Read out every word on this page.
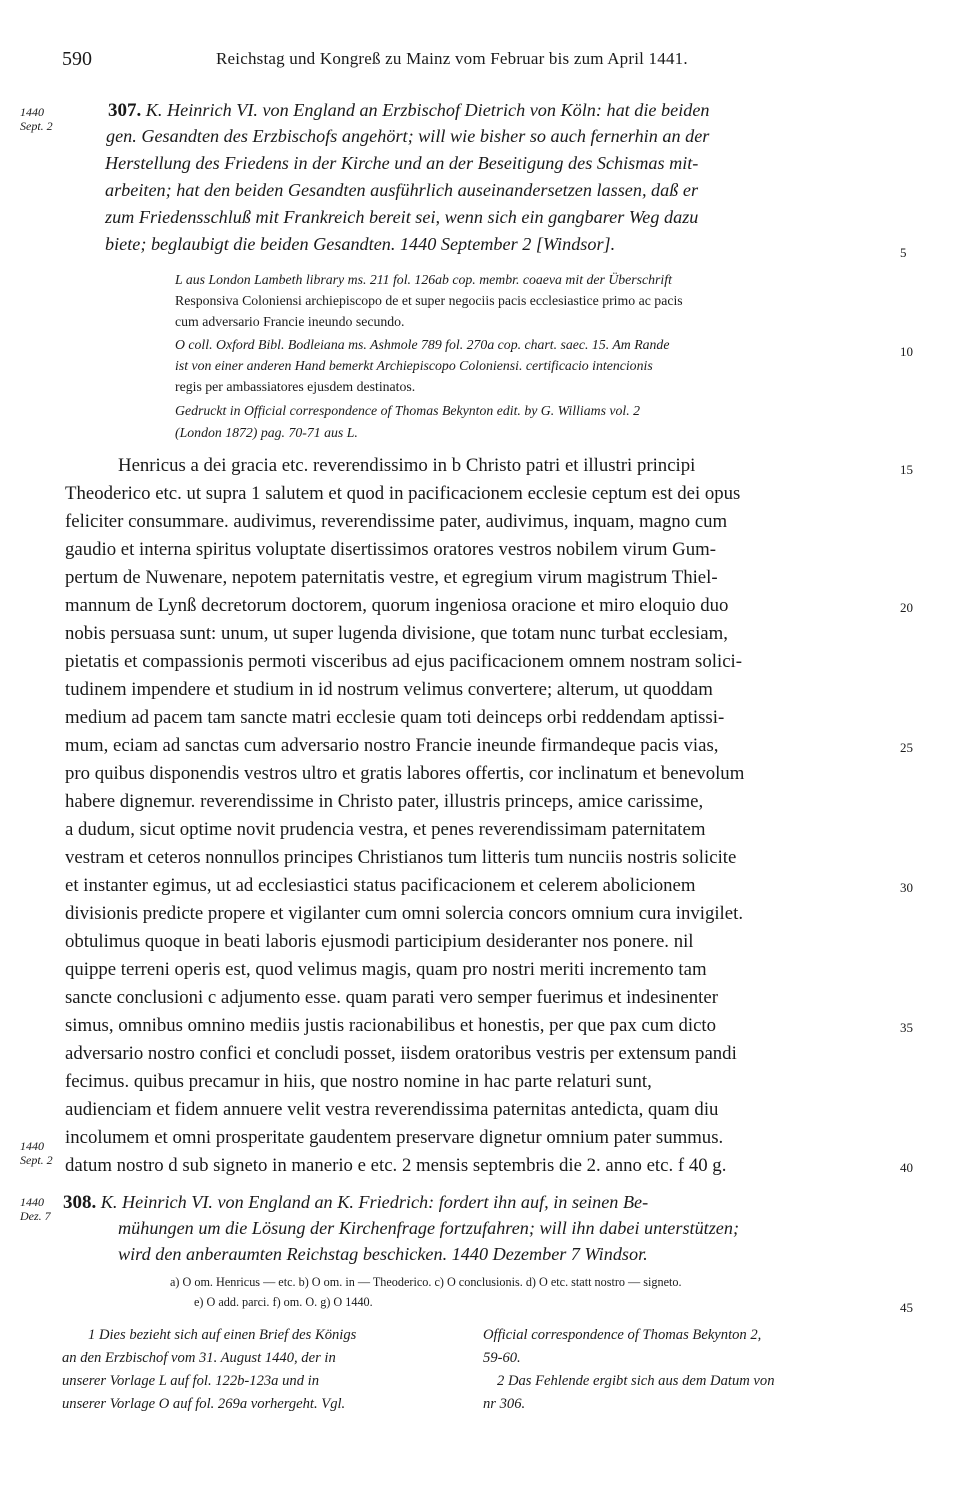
590	Reichstag und Kongreß zu Mainz vom Februar bis zum April 1441.
1440
Sept. 2
307. K. Heinrich VI. von England an Erzbischof Dietrich von Köln: hat die beiden
gen. Gesandten des Erzbischofs angehört; will wie bisher so auch fernerhin an der
Herstellung des Friedens in der Kirche und an der Beseitigung des Schismas mit-
arbeiten; hat den beiden Gesandten ausführlich auseinandersetzen lassen, daß er
zum Friedensschluß mit Frankreich bereit sei, wenn sich ein gangbarer Weg dazu
biete; beglaubigt die beiden Gesandten. 1440 September 2 [Windsor].
L aus London Lambeth library ms. 211 fol. 126ab cop. membr. coaeva mit der Überschrift
Responsiva Coloniensi archiepiscopo de et super negociis pacis ecclesiastice primo ac pacis
cum adversario Francie ineundo secundo.
O coll. Oxford Bibl. Bodleiana ms. Ashmole 789 fol. 270a cop. chart. saec. 15. Am Rande
ist von einer anderen Hand bemerkt Archiepiscopo Coloniensi. certificacio intencionis
regis per ambassiatores ejusdem destinatos.
Gedruckt in Official correspondence of Thomas Bekynton edit. by G. Williams vol. 2
(London 1872) pag. 70-71 aus L.
Henricus a dei gracia etc. reverendissimo in b Christo patri et illustri principi
Theoderico etc. ut supra 1 salutem et quod in pacificacionem ecclesie ceptum est dei opus
feliciter consummare. audivimus, reverendissime pater, audivimus, inquam, magno cum
gaudio et interna spiritus voluptate disertissimos oratores vestros nobilem virum Gum-
pertum de Nuwenare, nepotem paternitatis vestre, et egregium virum magistrum Thiel-
mannum de Lynß decretorum doctorem, quorum ingeniosa oracione et miro eloquio duo
nobis persuasa sunt: unum, ut super lugenda divisione, que totam nunc turbat ecclesiam,
pietatis et compassionis permoti visceribus ad ejus pacificacionem omnem nostram solici-
tudinem impendere et studium in id nostrum velimus convertere; alterum, ut quoddam
medium ad pacem tam sancte matri ecclesie quam toti deinceps orbi reddendam aptissi-
mum, eciam ad sanctas cum adversario nostro Francie ineunde firmandeque pacis vias,
pro quibus disponendis vestros ultro et gratis labores offertis, cor inclinatum et benevolum
habere dignemur. reverendissime in Christo pater, illustris princeps, amice carissime,
a dudum, sicut optime novit prudencia vestra, et penes reverendissimam paternitatem
vestram et ceteros nonnullos principes Christianos tum litteris tum nunciis nostris solicite
et instanter egimus, ut ad ecclesiastici status pacificacionem et celerem abolicionem
divisionis predicte propere et vigilanter cum omni solercia concors omnium cura invigilet.
obtulimus quoque in beati laboris ejusmodi participium desideranter nos ponere. nil
quippe terreni operis est, quod velimus magis, quam pro nostri meriti incremento tam
sancte conclusioni c adjumento esse. quam parati vero semper fuerimus et indesinenter
simus, omnibus omnino mediis justis racionabilibus et honestis, per que pax cum dicto
adversario nostro confici et concludi posset, iisdem oratoribus vestris per extensum pandi
fecimus. quibus precamur in hiis, que nostro nomine in hac parte relaturi sunt,
audienciam et fidem annuere velit vestra reverendissima paternitas antedicta, quam diu
incolumem et omni prosperitate gaudentem preservare dignetur omnium pater summus.
datum nostro d sub signeto in manerio e etc. 2 mensis septembris die 2. anno etc. f 40 g.
1440
Sept. 2
1440
Dez. 7
308. K. Heinrich VI. von England an K. Friedrich: fordert ihn auf, in seinen Be-
mühungen um die Lösung der Kirchenfrage fortzufahren; will ihn dabei unterstützen;
wird den anberaumten Reichstag beschicken. 1440 Dezember 7 Windsor.
a) O om. Henricus — etc. b) O om. in — Theoderico. c) O conclusionis. d) O etc. statt nostro — signeto.
e) O add. parci. f) om. O. g) O 1440.
1 Dies bezieht sich auf einen Brief des Königs
an den Erzbischof vom 31. August 1440, der in
unserer Vorlage L auf fol. 122b-123a und in
unserer Vorlage O auf fol. 269a vorhergeht. Vgl.
Official correspondence of Thomas Bekynton 2,
59-60.
2 Das Fehlende ergibt sich aus dem Datum von
nr 306.
5
10
15
20
25
30
35
40
45
